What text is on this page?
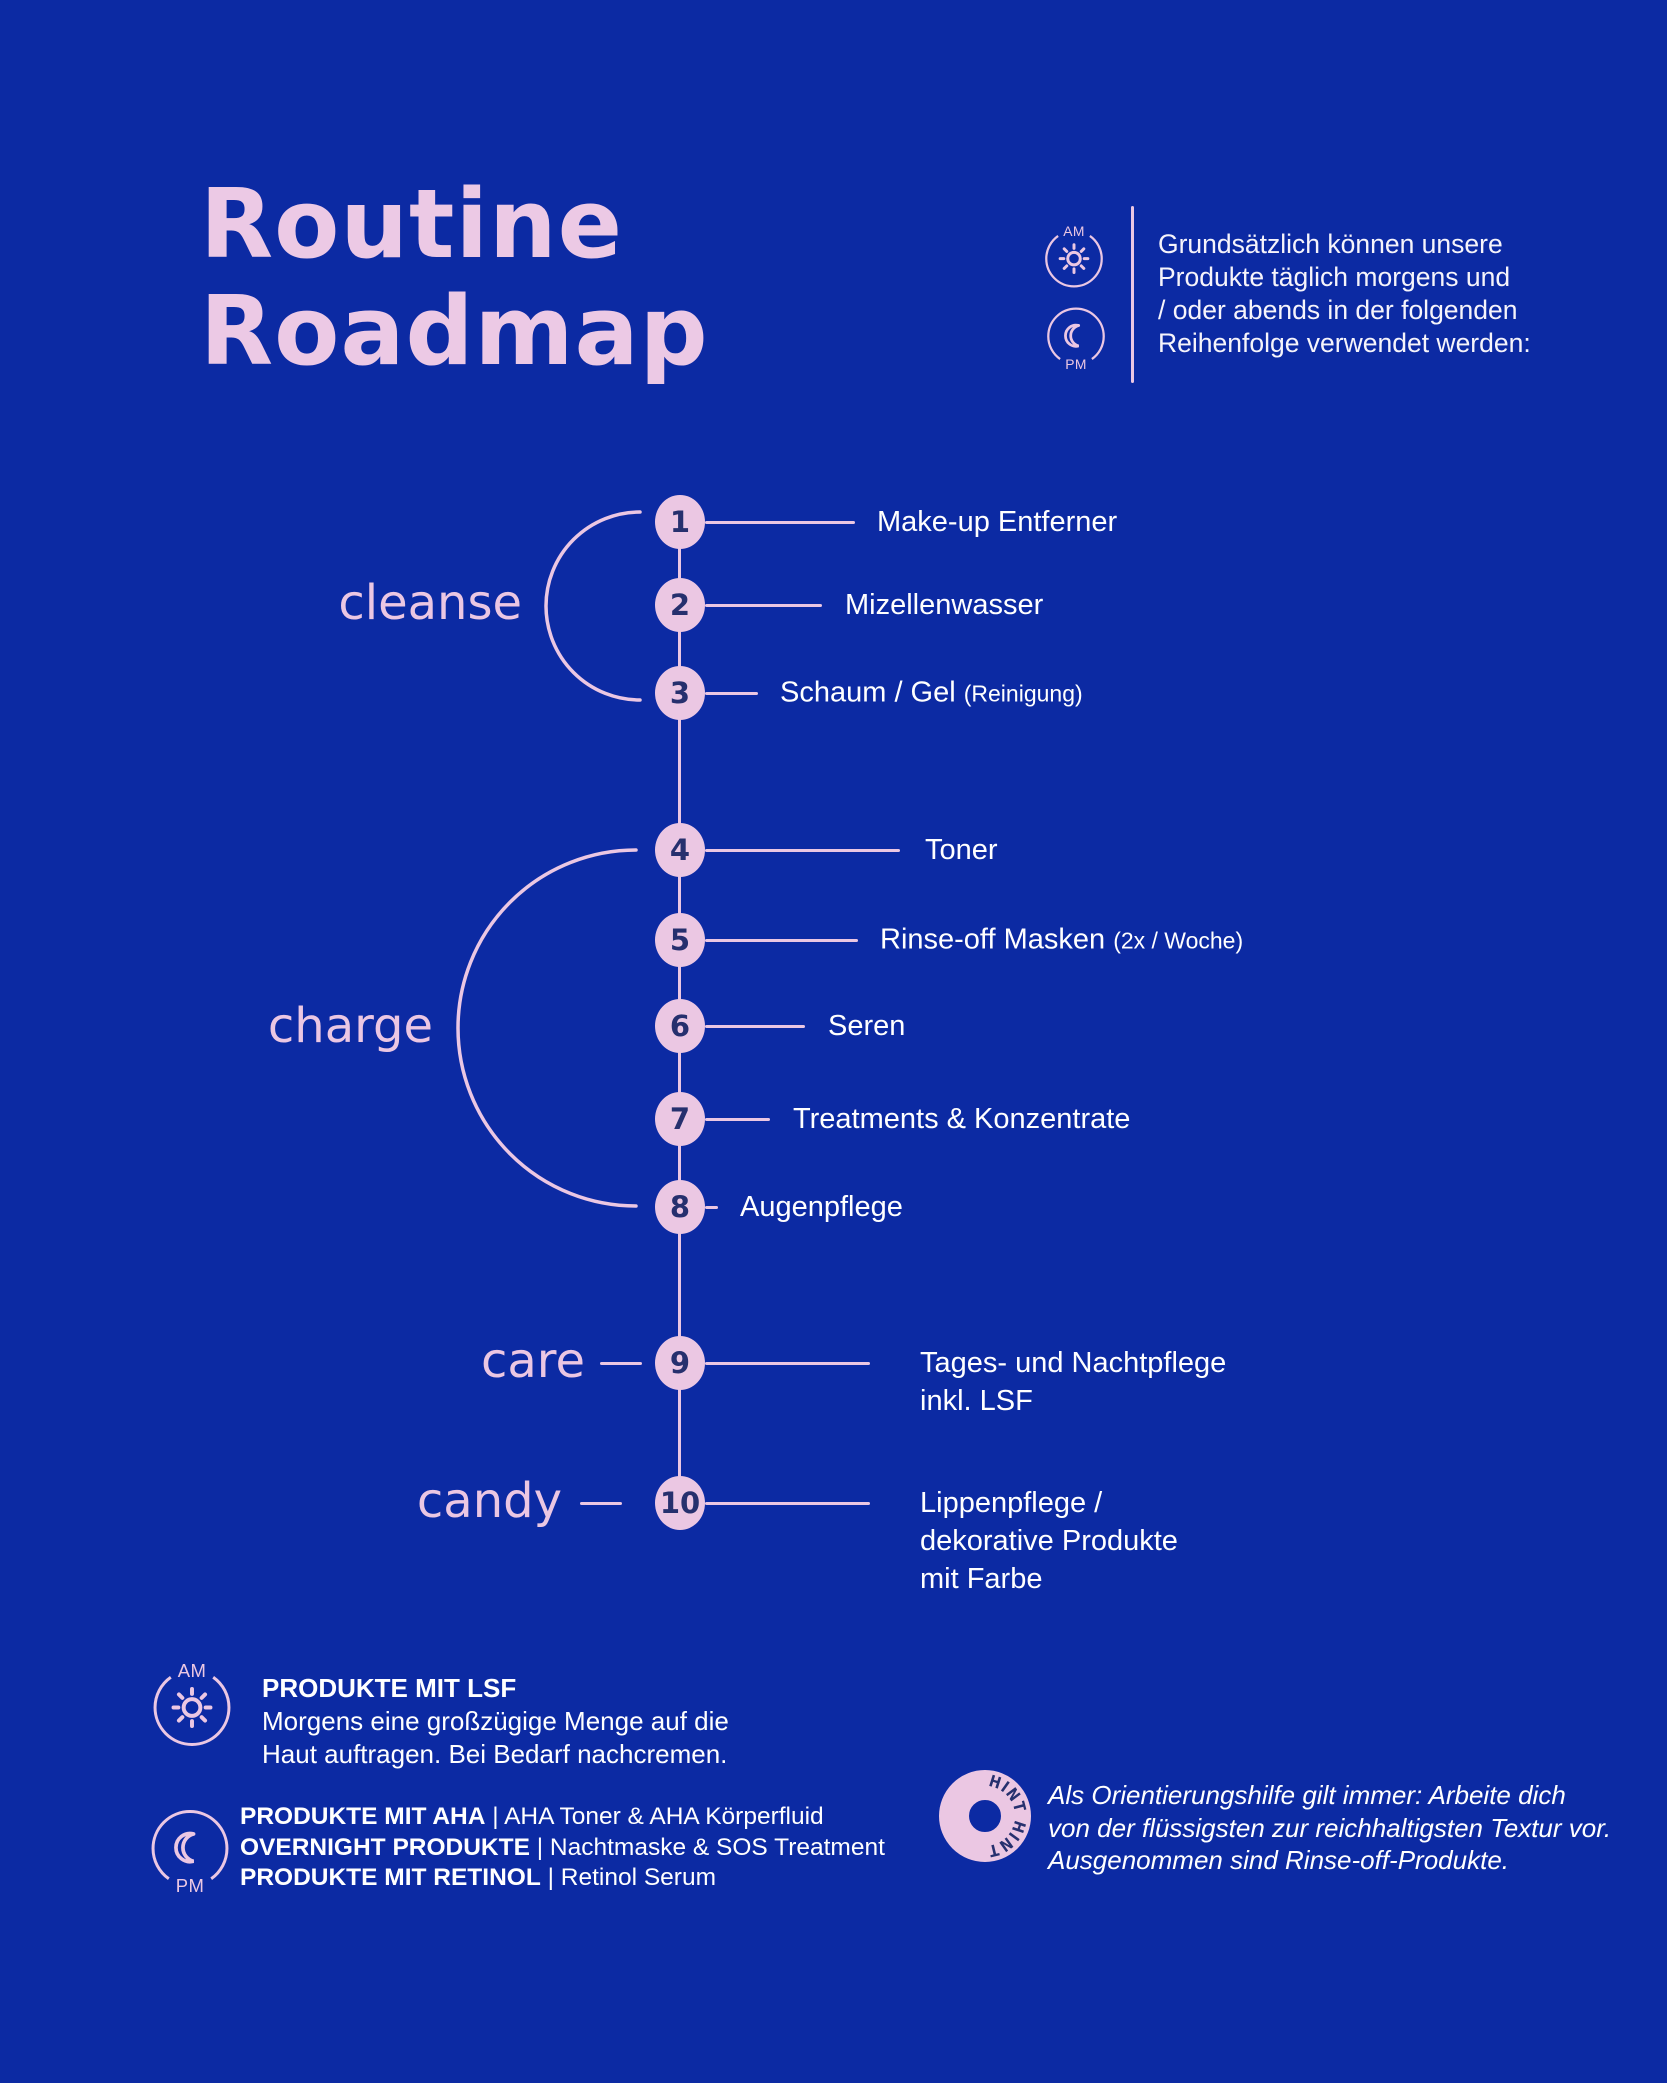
Routine
Roadmap
AM
PM
Grundsätzlich können unsere
Produkte täglich morgens und
/ oder abends in der folgenden
Reihenfolge verwendet werden:
cleanse
charge
care
candy
1	Make-up Entferner
2	Mizellenwasser
3	Schaum / Gel (Reinigung)
4	Toner
5	Rinse-off Masken (2x / Woche)
6	Seren
7	Treatments & Konzentrate
8 Augenpflege
9	Tages- und Nachtpflege
inkl. LSF
10	Lippenpflege /
dekorative Produkte
mit Farbe
AM
PRODUKTE MIT LSF
Morgens eine großzügige Menge auf die
Haut auftragen. Bei Bedarf nachcremen.
PM
PRODUKTE MIT AHA | AHA Toner & AHA Körperfluid
OVERNIGHT PRODUKTE | Nachtmaske & SOS Treatment
PRODUKTE MIT RETINOL | Retinol Serum
HINT HINT HINT HINT
Als Orientierungshilfe gilt immer: Arbeite dich
von der flüssigsten zur reichhaltigsten Textur vor.
Ausgenommen sind Rinse-off-Produkte.
